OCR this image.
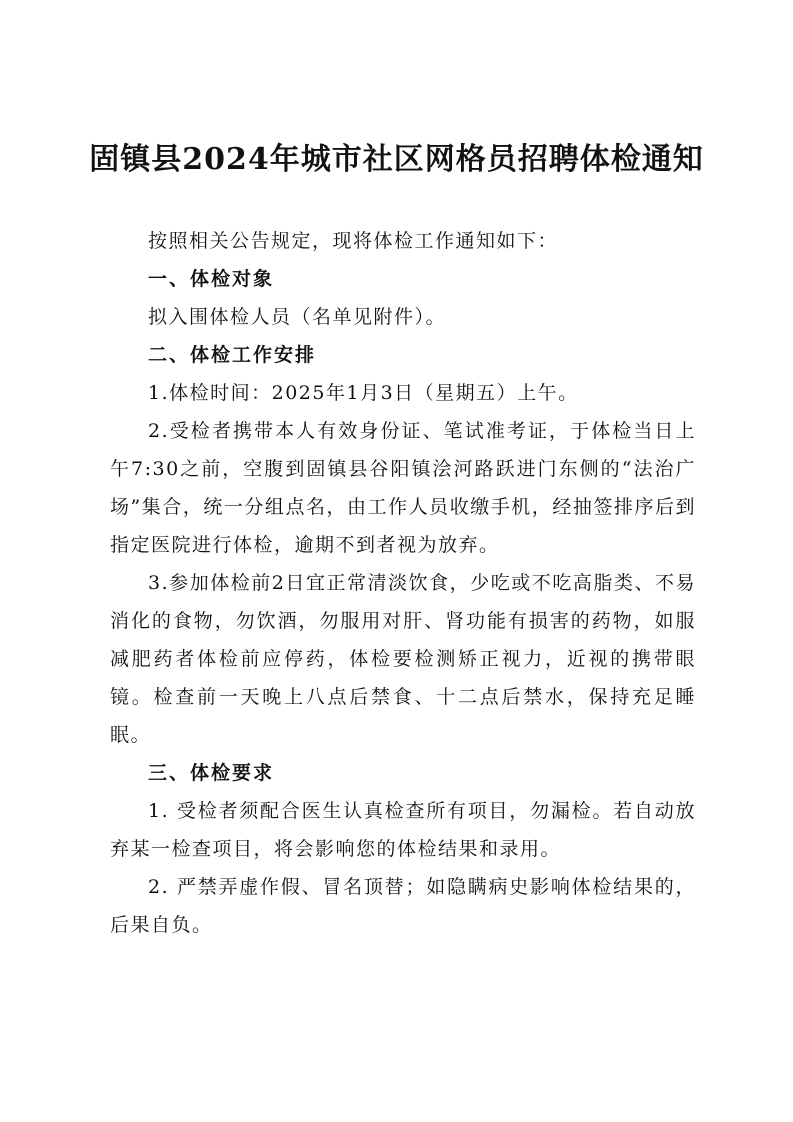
固镇县2024年城市社区网格员招聘体检通知

按照相关公告规定，现将体检工作通知如下：

一、体检对象

拟入围体检人员（名单见附件）。

二、体检工作安排

1.体检时间：2025年1月3日（星期五）上午。

2.受检者携带本人有效身份证、笔试准考证，于体检当日上午7:30之前，空腹到固镇县谷阳镇浍河路跃进门东侧的“法治广场”集合，统一分组点名，由工作人员收缴手机，经抽签排序后到指定医院进行体检，逾期不到者视为放弃。

3.参加体检前2日宜正常清淡饮食，少吃或不吃高脂类、不易消化的食物，勿饮酒，勿服用对肝、肾功能有损害的药物，如服减肥药者体检前应停药，体检要检测矫正视力，近视的携带眼镜。检查前一天晚上八点后禁食、十二点后禁水，保持充足睡眠。

三、体检要求

1. 受检者须配合医生认真检查所有项目，勿漏检。若自动放弃某一检查项目，将会影响您的体检结果和录用。

2. 严禁弄虚作假、冒名顶替；如隐瞒病史影响体检结果的，后果自负。
